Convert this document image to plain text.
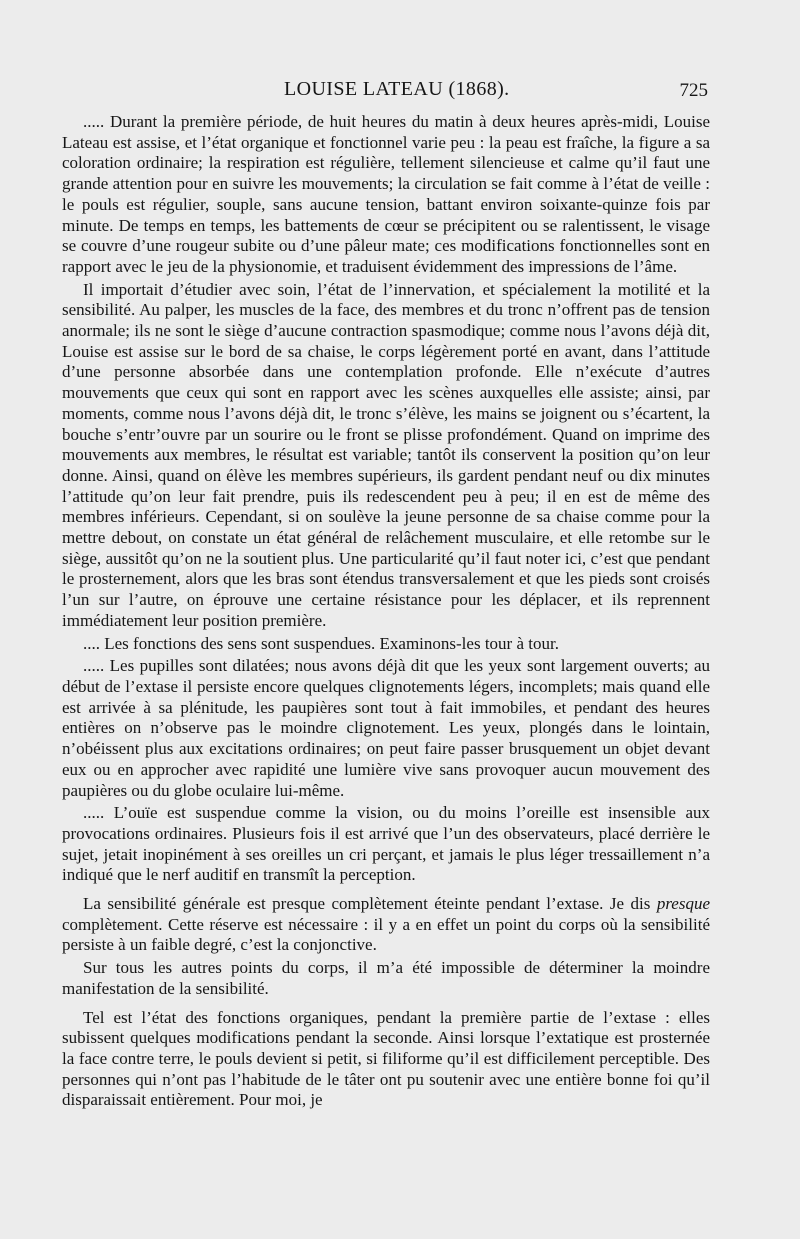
LOUISE LATEAU (1868).	725

..... Durant la première période, de huit heures du matin à deux heures après-midi, Louise Lateau est assise, et l’état organique et fonctionnel varie peu : la peau est fraîche, la figure a sa coloration ordinaire; la respiration est régulière, tellement silencieuse et calme qu’il faut une grande attention pour en suivre les mouvements; la circulation se fait comme à l’état de veille : le pouls est régulier, souple, sans aucune tension, battant environ soixante-quinze fois par minute. De temps en temps, les battements de cœur se précipitent ou se ralentissent, le visage se couvre d’une rougeur subite ou d’une pâleur mate; ces modifications fonctionnelles sont en rapport avec le jeu de la physionomie, et traduisent évidemment des impressions de l’âme.

Il importait d’étudier avec soin, l’état de l’innervation, et spécialement la motilité et la sensibilité. Au palper, les muscles de la face, des membres et du tronc n’offrent pas de tension anormale; ils ne sont le siège d’aucune contraction spasmodique; comme nous l’avons déjà dit, Louise est assise sur le bord de sa chaise, le corps légèrement porté en avant, dans l’attitude d’une personne absorbée dans une contemplation profonde. Elle n’exécute d’autres mouvements que ceux qui sont en rapport avec les scènes auxquelles elle assiste; ainsi, par moments, comme nous l’avons déjà dit, le tronc s’élève, les mains se joignent ou s’écartent, la bouche s’entr’ouvre par un sourire ou le front se plisse profondément. Quand on imprime des mouvements aux membres, le résultat est variable; tantôt ils conservent la position qu’on leur donne. Ainsi, quand on élève les membres supérieurs, ils gardent pendant neuf ou dix minutes l’attitude qu’on leur fait prendre, puis ils redescendent peu à peu; il en est de même des membres inférieurs. Cependant, si on soulève la jeune personne de sa chaise comme pour la mettre debout, on constate un état général de relâchement musculaire, et elle retombe sur le siège, aussitôt qu’on ne la soutient plus. Une particularité qu’il faut noter ici, c’est que pendant le prosternement, alors que les bras sont étendus transversalement et que les pieds sont croisés l’un sur l’autre, on éprouve une certaine résistance pour les déplacer, et ils reprennent immédiatement leur position première.

.... Les fonctions des sens sont suspendues. Examinons-les tour à tour.

..... Les pupilles sont dilatées; nous avons déjà dit que les yeux sont largement ouverts; au début de l’extase il persiste encore quelques clignotements légers, incomplets; mais quand elle est arrivée à sa plénitude, les paupières sont tout à fait immobiles, et pendant des heures entières on n’observe pas le moindre clignotement. Les yeux, plongés dans le lointain, n’obéissent plus aux excitations ordinaires; on peut faire passer brusquement un objet devant eux ou en approcher avec rapidité une lumière vive sans provoquer aucun mouvement des paupières ou du globe oculaire lui-même.

..... L’ouïe est suspendue comme la vision, ou du moins l’oreille est insensible aux provocations ordinaires. Plusieurs fois il est arrivé que l’un des observateurs, placé derrière le sujet, jetait inopinément à ses oreilles un cri perçant, et jamais le plus léger tressaillement n’a indiqué que le nerf auditif en transmît la perception.

La sensibilité générale est presque complètement éteinte pendant l’extase. Je dis presque complètement. Cette réserve est nécessaire : il y a en effet un point du corps où la sensibilité persiste à un faible degré, c’est la conjonctive.

Sur tous les autres points du corps, il m’a été impossible de déterminer la moindre manifestation de la sensibilité.

Tel est l’état des fonctions organiques, pendant la première partie de l’extase : elles subissent quelques modifications pendant la seconde. Ainsi lorsque l’extatique est prosternée la face contre terre, le pouls devient si petit, si filiforme qu’il est difficilement perceptible. Des personnes qui n’ont pas l’habitude de le tâter ont pu soutenir avec une entière bonne foi qu’il disparaissait entièrement. Pour moi, je
